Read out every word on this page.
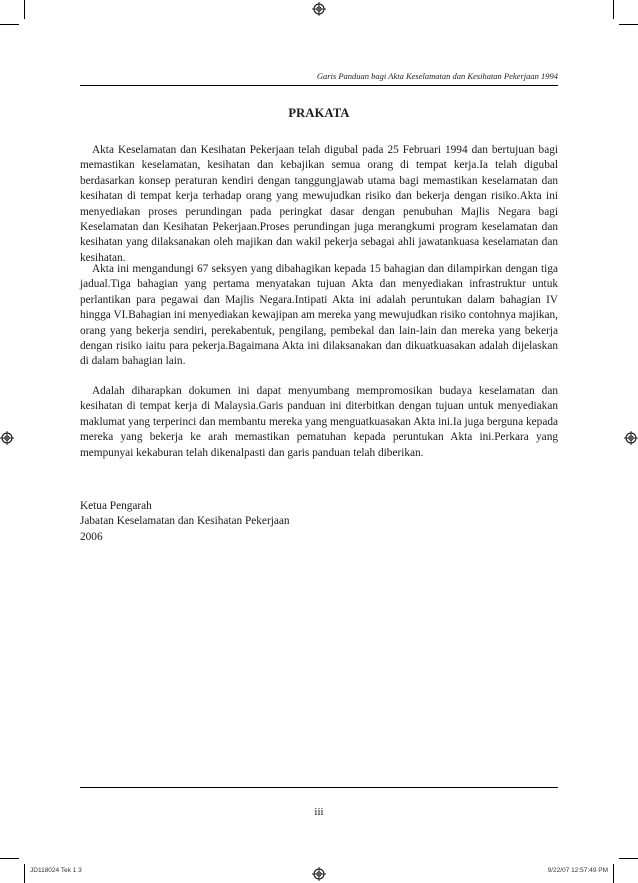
Garis Panduan bagi Akta Keselamatan dan Kesihatan Pekerjaan 1994
PRAKATA

Akta Keselamatan dan Kesihatan Pekerjaan telah digubal pada 25 Februari 1994 dan bertujuan bagi memastikan keselamatan, kesihatan dan kebajikan semua orang di tempat kerja.Ia telah digubal berdasarkan konsep peraturan kendiri dengan tanggungjawab utama bagi memastikan keselamatan dan kesihatan di tempat kerja terhadap orang yang mewujudkan risiko dan bekerja dengan risiko.Akta ini menyediakan proses perundingan pada peringkat dasar dengan penubuhan Majlis Negara bagi Keselamatan dan Kesihatan Pekerjaan.Proses perundingan juga merangkumi program keselamatan dan kesihatan yang dilaksanakan oleh majikan dan wakil pekerja sebagai ahli jawatankuasa keselamatan dan kesihatan.

Akta ini mengandungi 67 seksyen yang dibahagikan kepada 15 bahagian dan dilampirkan dengan tiga jadual.Tiga bahagian yang pertama menyatakan tujuan Akta dan menyediakan infrastruktur untuk perlantikan para pegawai dan Majlis Negara.Intipati Akta ini adalah peruntukan dalam bahagian IV hingga VI.Bahagian ini menyediakan kewajipan am mereka yang mewujudkan risiko contohnya majikan, orang yang bekerja sendiri, perekabentuk, pengilang, pembekal dan lain-lain dan mereka yang bekerja dengan risiko iaitu para pekerja.Bagaimana Akta ini dilaksanakan dan dikuatkuasakan adalah dijelaskan di dalam bahagian lain.

Adalah diharapkan dokumen ini dapat menyumbang mempromosikan budaya keselamatan dan kesihatan di tempat kerja di Malaysia.Garis panduan ini diterbitkan dengan tujuan untuk menyediakan maklumat yang terperinci dan membantu mereka yang menguatkuasakan Akta ini.Ia juga berguna kepada mereka yang bekerja ke arah memastikan pematuhan kepada peruntukan Akta ini.Perkara yang mempunyai kekaburan telah dikenalpasti dan garis panduan telah diberikan.

Ketua Pengarah
Jabatan Keselamatan dan Kesihatan Pekerjaan
2006
iii
JD118024 Tek 1 3	9/22/07 12:57:49 PM
